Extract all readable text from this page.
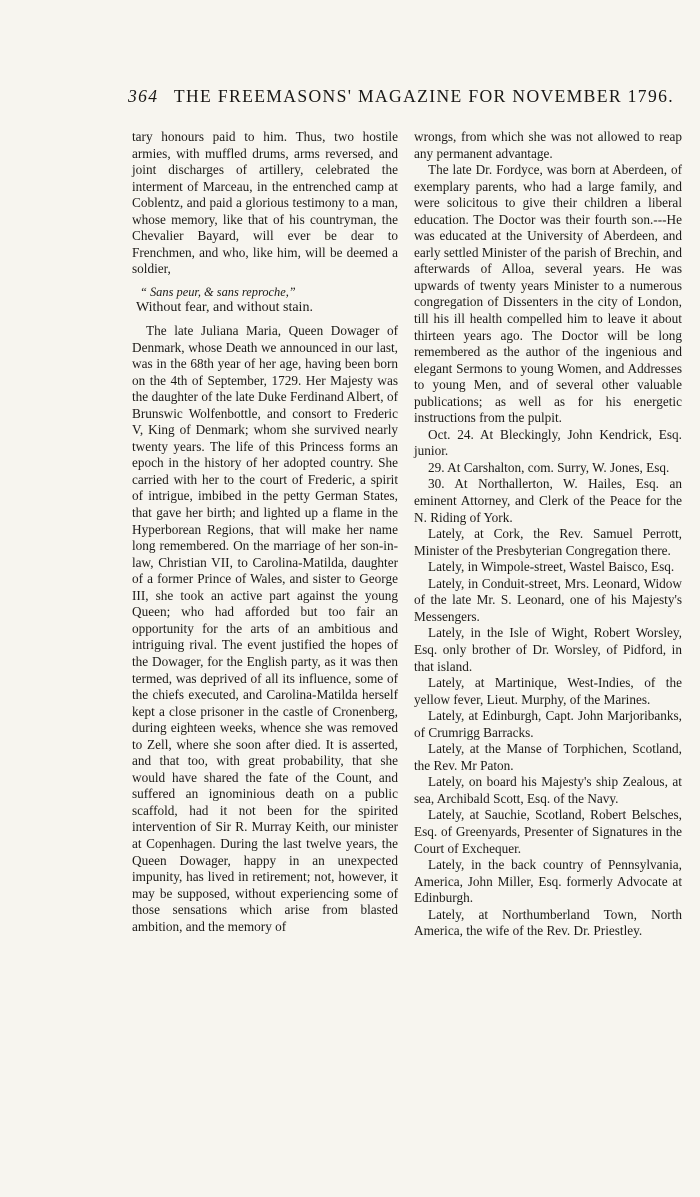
364 THE FREEMASONS' MAGAZINE FOR NOVEMBER 1796.

tary honours paid to him. Thus, two hostile armies, with muffled drums, arms reversed, and joint discharges of artillery, celebrated the interment of Marceau, in the entrenched camp at Coblentz, and paid a glorious testimony to a man, whose memory, like that of his countryman, the Chevalier Bayard, will ever be dear to Frenchmen, and who, like him, will be deemed a soldier,

“ Sans peur, & sans reproche,”

Without fear, and without stain.

The late Juliana Maria, Queen Dowager of Denmark, whose Death we announced in our last, was in the 68th year of her age, having been born on the 4th of September, 1729. Her Majesty was the daughter of the late Duke Ferdinand Albert, of Brunswic Wolfenbottle, and consort to Frederic V, King of Denmark; whom she survived nearly twenty years. The life of this Princess forms an epoch in the history of her adopted country. She carried with her to the court of Frederic, a spirit of intrigue, imbibed in the petty German States, that gave her birth; and lighted up a flame in the Hyperborean Regions, that will make her name long remembered. On the marriage of her son-in-law, Christian VII, to Carolina-Matilda, daughter of a former Prince of Wales, and sister to George III, she took an active part against the young Queen; who had afforded but too fair an opportunity for the arts of an ambitious and intriguing rival. The event justified the hopes of the Dowager, for the English party, as it was then termed, was deprived of all its influence, some of the chiefs executed, and Carolina-Matilda herself kept a close prisoner in the castle of Cronenberg, during eighteen weeks, whence she was removed to Zell, where she soon after died. It is asserted, and that too, with great probability, that she would have shared the fate of the Count, and suffered an ignominious death on a public scaffold, had it not been for the spirited intervention of Sir R. Murray Keith, our minister at Copenhagen. During the last twelve years, the Queen Dowager, happy in an unexpected impunity, has lived in retirement; not, however, it may be supposed, without experiencing some of those sensations which arise from blasted ambition, and the memory of

wrongs, from which she was not allowed to reap any permanent advantage.

The late Dr. Fordyce, was born at Aberdeen, of exemplary parents, who had a large family, and were solicitous to give their children a liberal education. The Doctor was their fourth son.---He was educated at the University of Aberdeen, and early settled Minister of the parish of Brechin, and afterwards of Alloa, several years. He was upwards of twenty years Minister to a numerous congregation of Dissenters in the city of London, till his ill health compelled him to leave it about thirteen years ago. The Doctor will be long remembered as the author of the ingenious and elegant Sermons to young Women, and Addresses to young Men, and of several other valuable publications; as well as for his energetic instructions from the pulpit.

Oct. 24. At Bleckingly, John Kendrick, Esq. junior.

29. At Carshalton, com. Surry, W. Jones, Esq.

30. At Northallerton, W. Hailes, Esq. an eminent Attorney, and Clerk of the Peace for the N. Riding of York.

Lately, at Cork, the Rev. Samuel Perrott, Minister of the Presbyterian Congregation there.

Lately, in Wimpole-street, Wastel Baisco, Esq.

Lately, in Conduit-street, Mrs. Leonard, Widow of the late Mr. S. Leonard, one of his Majesty's Messengers.

Lately, in the Isle of Wight, Robert Worsley, Esq. only brother of Dr. Worsley, of Pidford, in that island.

Lately, at Martinique, West-Indies, of the yellow fever, Lieut. Murphy, of the Marines.

Lately, at Edinburgh, Capt. John Marjoribanks, of Crumrigg Barracks.

Lately, at the Manse of Torphichen, Scotland, the Rev. Mr Paton.

Lately, on board his Majesty's ship Zealous, at sea, Archibald Scott, Esq. of the Navy.

Lately, at Sauchie, Scotland, Robert Belsches, Esq. of Greenyards, Presenter of Signatures in the Court of Exchequer.

Lately, in the back country of Pennsylvania, America, John Miller, Esq. formerly Advocate at Edinburgh.

Lately, at Northumberland Town, North America, the wife of the Rev. Dr. Priestley.
